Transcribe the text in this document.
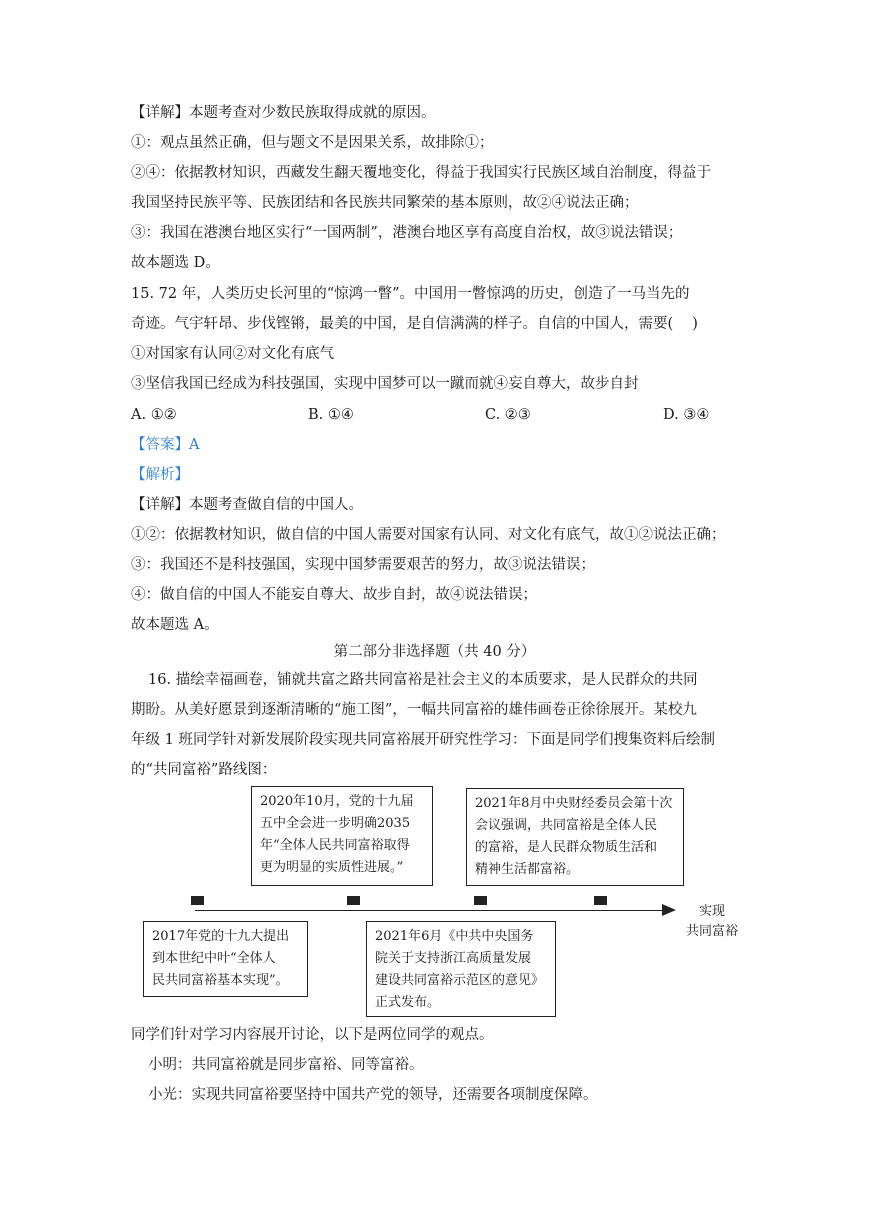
【详解】本题考查对少数民族取得成就的原因。
①：观点虽然正确，但与题文不是因果关系，故排除①；
②④：依据教材知识，西藏发生翻天覆地变化，得益于我国实行民族区域自治制度，得益于
我国坚持民族平等、民族团结和各民族共同繁荣的基本原则，故②④说法正确；
③：我国在港澳台地区实行“一国两制”，港澳台地区享有高度自治权，故③说法错误；
故本题选 D。
15. 72 年，人类历史长河里的“惊鸿一瞥”。中国用一瞥惊鸿的历史，创造了一马当先的
奇迹。气宇轩昂、步伐铿锵，最美的中国，是自信满满的样子。自信的中国人，需要(　 )
①对国家有认同②对文化有底气
③坚信我国已经成为科技强国，实现中国梦可以一蹴而就④妄自尊大，故步自封
A. ①②	B. ①④	C. ②③	D. ③④
【答案】A
【解析】
【详解】本题考查做自信的中国人。
①②：依据教材知识，做自信的中国人需要对国家有认同、对文化有底气，故①②说法正确；
③：我国还不是科技强国，实现中国梦需要艰苦的努力，故③说法错误；
④：做自信的中国人不能妄自尊大、故步自封，故④说法错误；
故本题选 A。
第二部分非选择题（共 40 分）
16. 描绘幸福画卷，铺就共富之路共同富裕是社会主义的本质要求，是人民群众的共同
期盼。从美好愿景到逐渐清晰的“施工图”，一幅共同富裕的雄伟画卷正徐徐展开。某校九
年级 1 班同学针对新发展阶段实现共同富裕展开研究性学习：下面是同学们搜集资料后绘制
的“共同富裕”路线图：
2020年10月，党的十九届
五中全会进一步明确2035
年“全体人民共同富裕取得
更为明显的实质性进展。”
2021年8月中央财经委员会第十次
会议强调，共同富裕是全体人民
的富裕，是人民群众物质生活和
精神生活都富裕。
实现
共同富裕
2017年党的十九大提出
到本世纪中叶“全体人
民共同富裕基本实现”。
2021年6月《中共中央国务
院关于支持浙江高质量发展
建设共同富裕示范区的意见》
正式发布。
同学们针对学习内容展开讨论，以下是两位同学的观点。
小明：共同富裕就是同步富裕、同等富裕。
小光：实现共同富裕要坚持中国共产党的领导，还需要各项制度保障。
